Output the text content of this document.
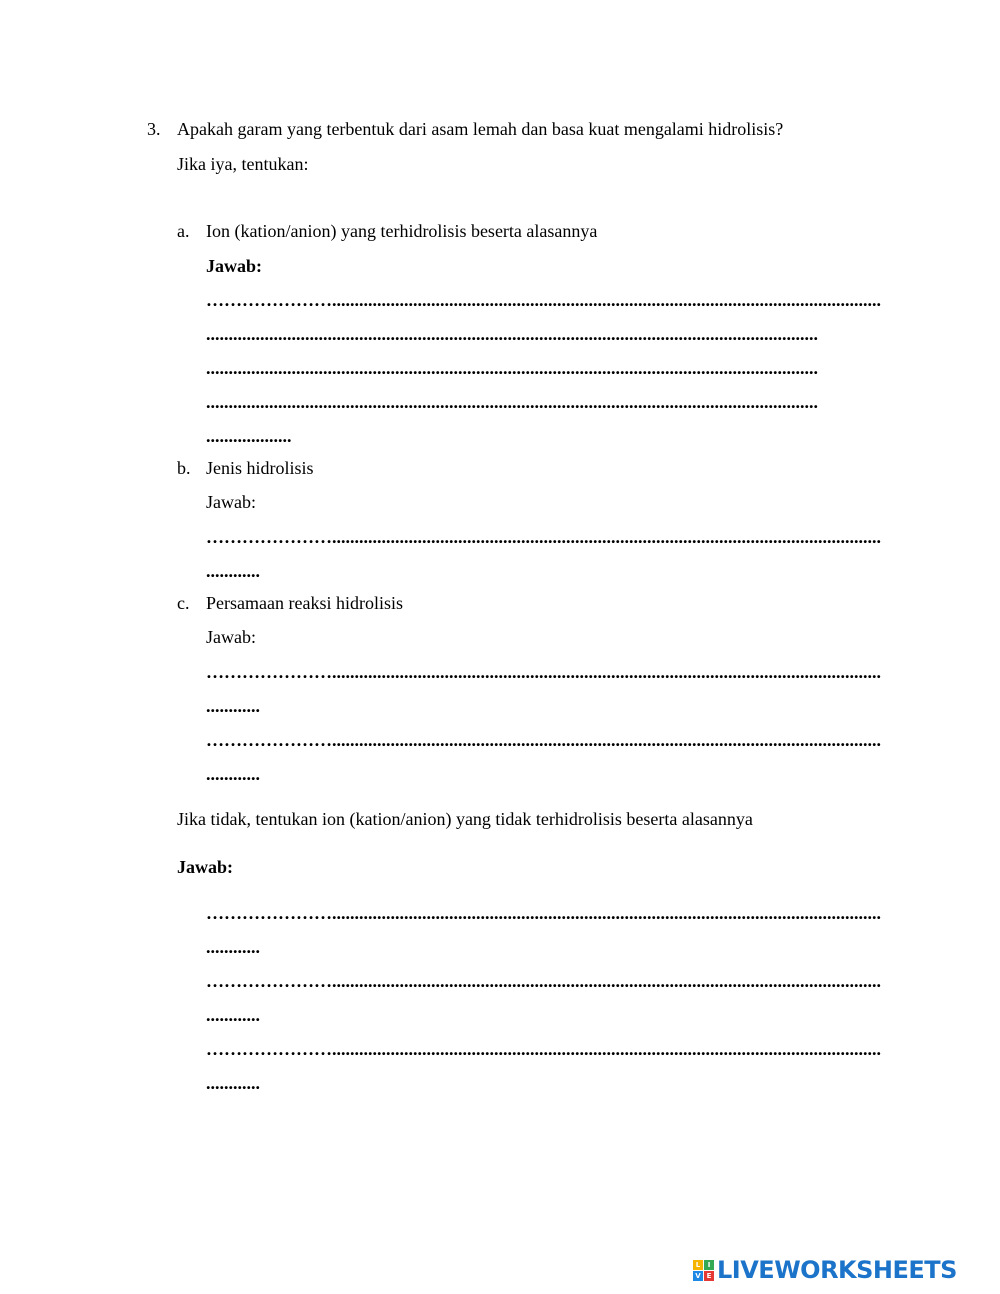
3. Apakah garam yang terbentuk dari asam lemah dan basa kuat mengalami hidrolisis?
Jika iya, tentukan:
a. Ion (kation/anion) yang terhidrolisis beserta alasannya
Jawab:
…………………..........................................................................................................................
........................................................................................................................................
........................................................................................................................................
........................................................................................................................................
...................
b. Jenis hidrolisis
Jawab:
…………………..........................................................................................................................
............
c. Persamaan reaksi hidrolisis
Jawab:
…………………..........................................................................................................................
............
…………………..........................................................................................................................
............
Jika tidak, tentukan ion (kation/anion) yang tidak terhidrolisis beserta alasannya
Jawab:
…………………..........................................................................................................................
............
…………………..........................................................................................................................
............
…………………..........................................................................................................................
............
L	I
V E LIVEWORKSHEETS
